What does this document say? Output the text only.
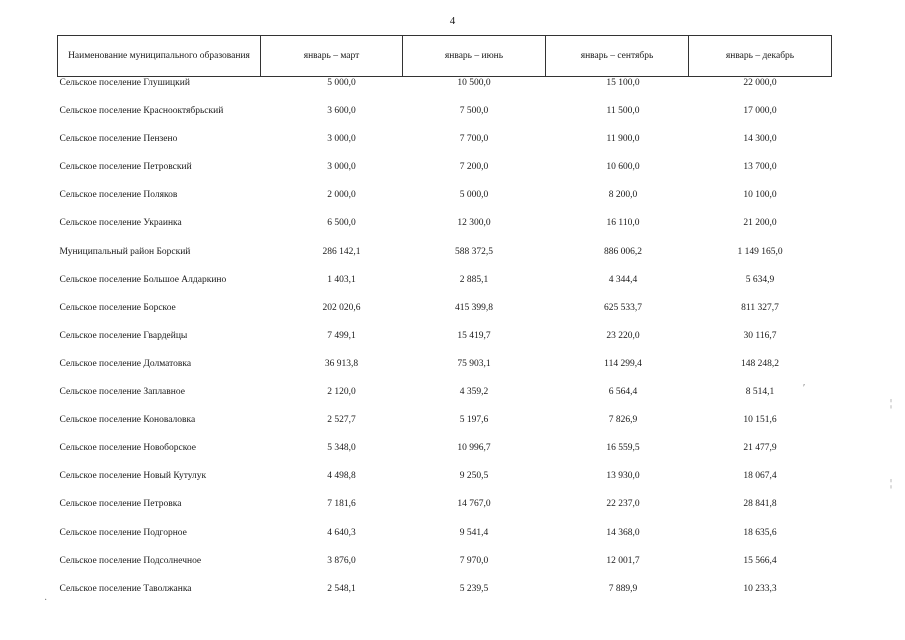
4
Наименование муниципального образования	январь – март	январь – июнь	январь – сентябрь	январь – декабрь
Сельское поселение Глушицкий	5 000,0	10 500,0	15 100,0	22 000,0
Сельское поселение Краснооктябрьский	3 600,0	7 500,0	11 500,0	17 000,0
Сельское поселение Пензено	3 000,0	7 700,0	11 900,0	14 300,0
Сельское поселение Петровский	3 000,0	7 200,0	10 600,0	13 700,0
Сельское поселение Поляков	2 000,0	5 000,0	8 200,0	10 100,0
Сельское поселение Украинка	6 500,0	12 300,0	16 110,0	21 200,0
Муниципальный район Борский	286 142,1	588 372,5	886 006,2	1 149 165,0
Сельское поселение Большое Алдаркино	1 403,1	2 885,1	4 344,4	5 634,9
Сельское поселение Борское	202 020,6	415 399,8	625 533,7	811 327,7
Сельское поселение Гвардейцы	7 499,1	15 419,7	23 220,0	30 116,7
Сельское поселение Долматовка	36 913,8	75 903,1	114 299,4	148 248,2
Сельское поселение Заплавное	2 120,0	4 359,2	6 564,4	8 514,1
Сельское поселение Коноваловка	2 527,7	5 197,6	7 826,9	10 151,6
Сельское поселение Новоборское	5 348,0	10 996,7	16 559,5	21 477,9
Сельское поселение Новый Кутулук	4 498,8	9 250,5	13 930,0	18 067,4
Сельское поселение Петровка	7 181,6	14 767,0	22 237,0	28 841,8
Сельское поселение Подгорное	4 640,3	9 541,4	14 368,0	18 635,6
Сельское поселение Подсолнечное	3 876,0	7 970,0	12 001,7	15 566,4
Сельское поселение Таволжанка	2 548,1	5 239,5	7 889,9	10 233,3
′
¦
¦
·
